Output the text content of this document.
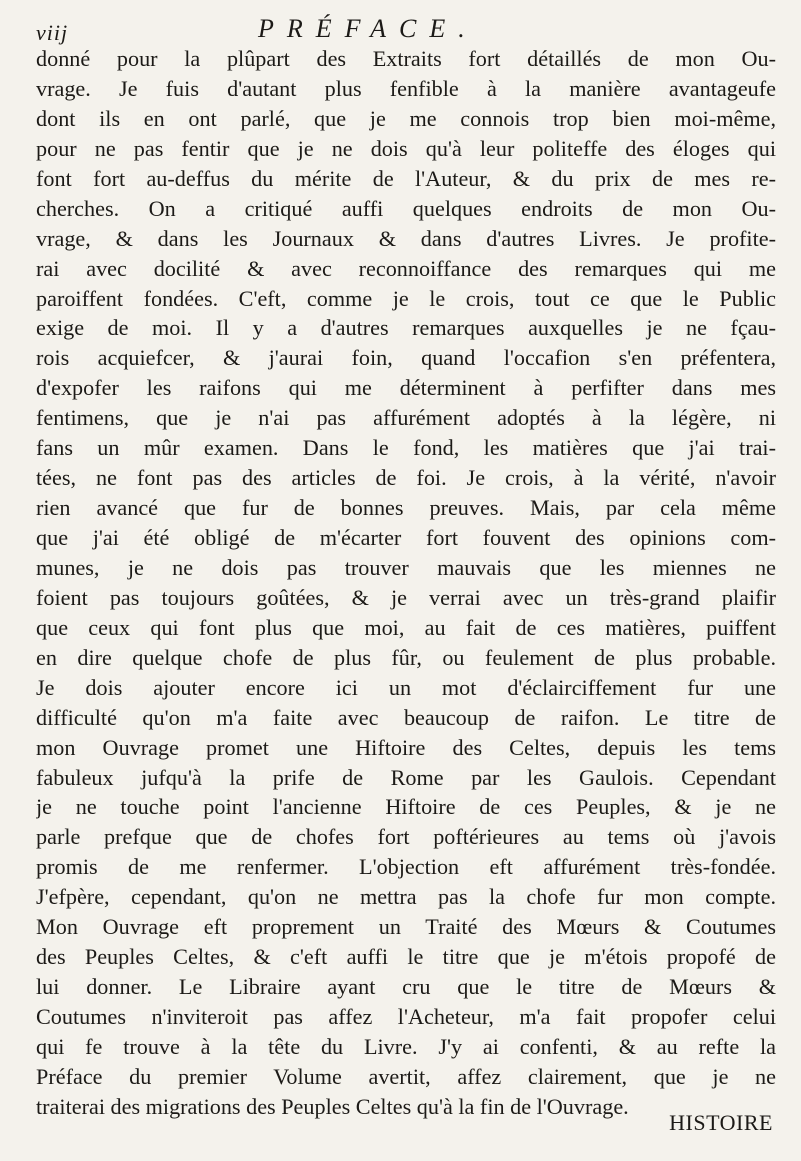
viij	PRÉFACE.
donné pour la plûpart des Extraits fort détaillés de mon Ou-
vrage. Je fuis d'autant plus fenfible à la manière avantageufe
dont ils en ont parlé, que je me connois trop bien moi-même,
pour ne pas fentir que je ne dois qu'à leur politeffe des éloges qui
font fort au-deffus du mérite de l'Auteur, & du prix de mes re-
cherches. On a critiqué auffi quelques endroits de mon Ou-
vrage, & dans les Journaux & dans d'autres Livres. Je profite-
rai avec docilité & avec reconnoiffance des remarques qui me
paroiffent fondées. C'eft, comme je le crois, tout ce que le Public
exige de moi. Il y a d'autres remarques auxquelles je ne fçau-
rois acquiefcer, & j'aurai foin, quand l'occafion s'en préfentera,
d'expofer les raifons qui me déterminent à perfifter dans mes
fentimens, que je n'ai pas affurément adoptés à la légère, ni
fans un mûr examen. Dans le fond, les matières que j'ai trai-
tées, ne font pas des articles de foi. Je crois, à la vérité, n'avoir
rien avancé que fur de bonnes preuves. Mais, par cela même
que j'ai été obligé de m'écarter fort fouvent des opinions com-
munes, je ne dois pas trouver mauvais que les miennes ne
foient pas toujours goûtées, & je verrai avec un très-grand plaifir
que ceux qui font plus que moi, au fait de ces matières, puiffent
en dire quelque chofe de plus fûr, ou feulement de plus probable.
Je dois ajouter encore ici un mot d'éclairciffement fur une
difficulté qu'on m'a faite avec beaucoup de raifon. Le titre de
mon Ouvrage promet une Hiftoire des Celtes, depuis les tems
fabuleux jufqu'à la prife de Rome par les Gaulois. Cependant
je ne touche point l'ancienne Hiftoire de ces Peuples, & je ne
parle prefque que de chofes fort poftérieures au tems où j'avois
promis de me renfermer. L'objection eft affurément très-fondée.
J'efpère, cependant, qu'on ne mettra pas la chofe fur mon compte.
Mon Ouvrage eft proprement un Traité des Mœurs & Coutumes
des Peuples Celtes, & c'eft auffi le titre que je m'étois propofé de
lui donner. Le Libraire ayant cru que le titre de Mœurs &
Coutumes n'inviteroit pas affez l'Acheteur, m'a fait propofer celui
qui fe trouve à la tête du Livre. J'y ai confenti, & au refte la
Préface du premier Volume avertit, affez clairement, que je ne
traiterai des migrations des Peuples Celtes qu'à la fin de l'Ouvrage.
HISTOIRE
